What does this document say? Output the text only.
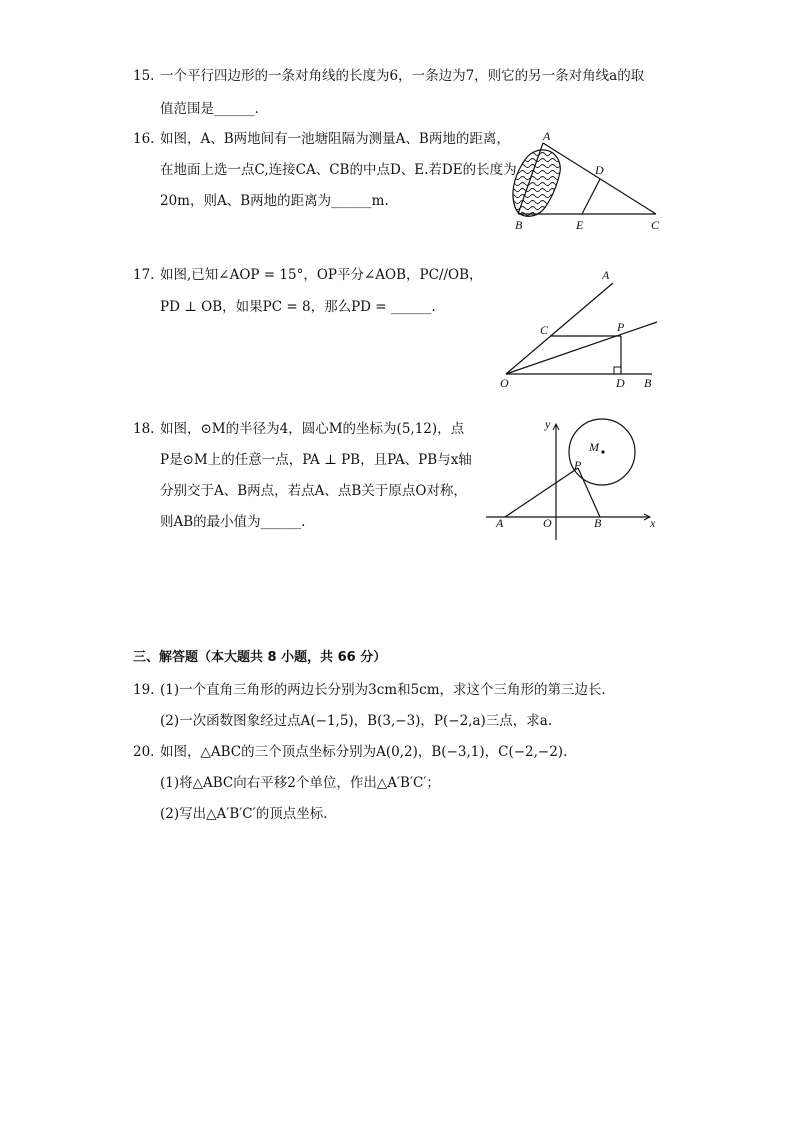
15. 一个平行四边形的一条对角线的长度为6，一条边为7，则它的另一条对角线a的取
值范围是______.
16. 如图，A、B两地间有一池塘阻隔为测量A、B两地的距离，
在地面上选一点C,连接CA、CB的中点D、E.若DE的长度为
20m，则A、B两地的距离为______m.
A
D
B	E	C
17. 如图,已知∠AOP = 15°，OP平分∠AOB，PC//OB，
PD ⊥ OB，如果PC = 8，那么PD = ______.
A
C	P
O	D B
18. 如图，⊙M的半径为4，圆心M的坐标为(5,12)，点
P是⊙M上的任意一点，PA ⊥ PB，且PA、PB与x轴
分别交于A、B两点，若点A、点B关于原点O对称，
则AB的最小值为______.
y
M
P
A	O	B	x
三、解答题（本大题共 8 小题，共 66 分）
19. (1)一个直角三角形的两边长分别为3cm和5cm，求这个三角形的第三边长．
(2)一次函数图象经过点A(−1,5)，B(3,−3)，P(−2,a)三点，求a.
20. 如图，△ABC的三个顶点坐标分别为A(0,2)，B(−3,1)，C(−2,−2).
(1)将△ABC向右平移2个单位，作出△A′B′C′；
(2)写出△A′B′C′的顶点坐标.
